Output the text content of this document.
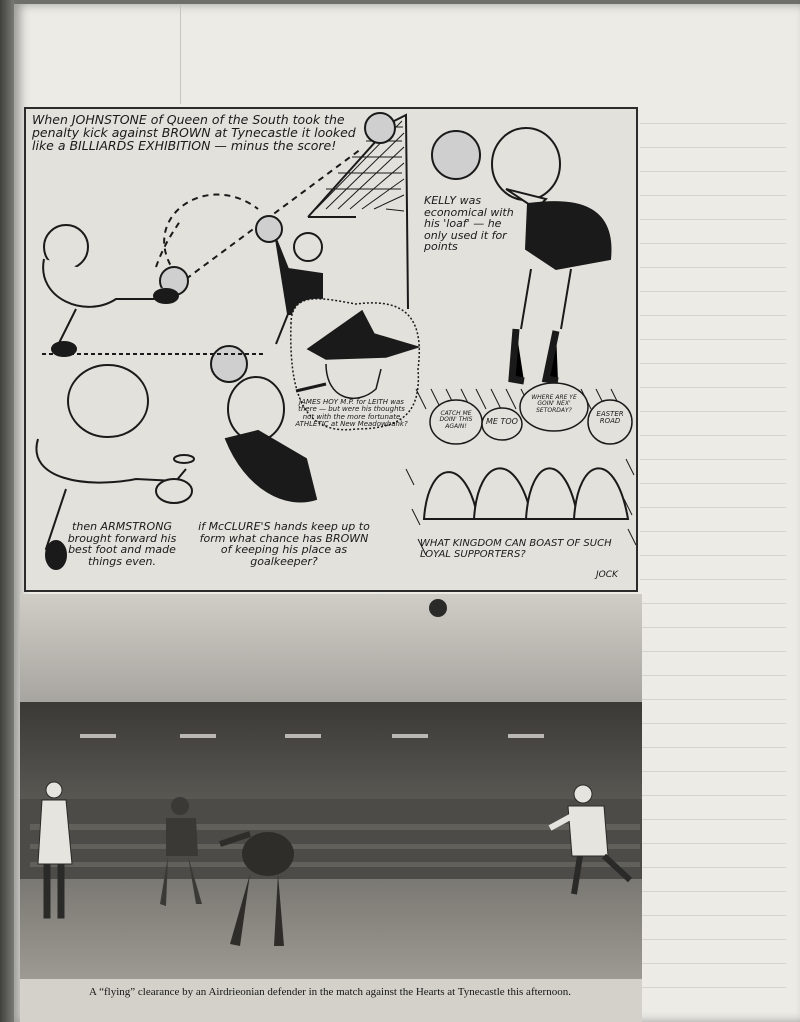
When JOHNSTONE of Queen of the South took the penalty kick against BROWN at Tynecastle it looked like a BILLIARDS EXHIBITION — minus the score!

KELLY was economical with his 'loaf' — he only used it for points

JAMES HOY M.P. for LEITH was there — but were his thoughts not with the more fortunate ATHLETIC at New Meadowbank?

CATCH ME DOIN' THIS AGAIN!

ME TOO

WHERE ARE YE GOIN' NEX' SETORDAY?	EASTER ROAD

then ARMSTRONG brought forward his best foot and made things even.

if McCLURE'S hands keep up to form what chance has BROWN of keeping his place as goalkeeper?

WHAT KINGDOM CAN BOAST OF SUCH LOYAL SUPPORTERS?

JOCK

A “flying” clearance by an Airdrieonian defender in the match against the Hearts at Tynecastle this afternoon.
